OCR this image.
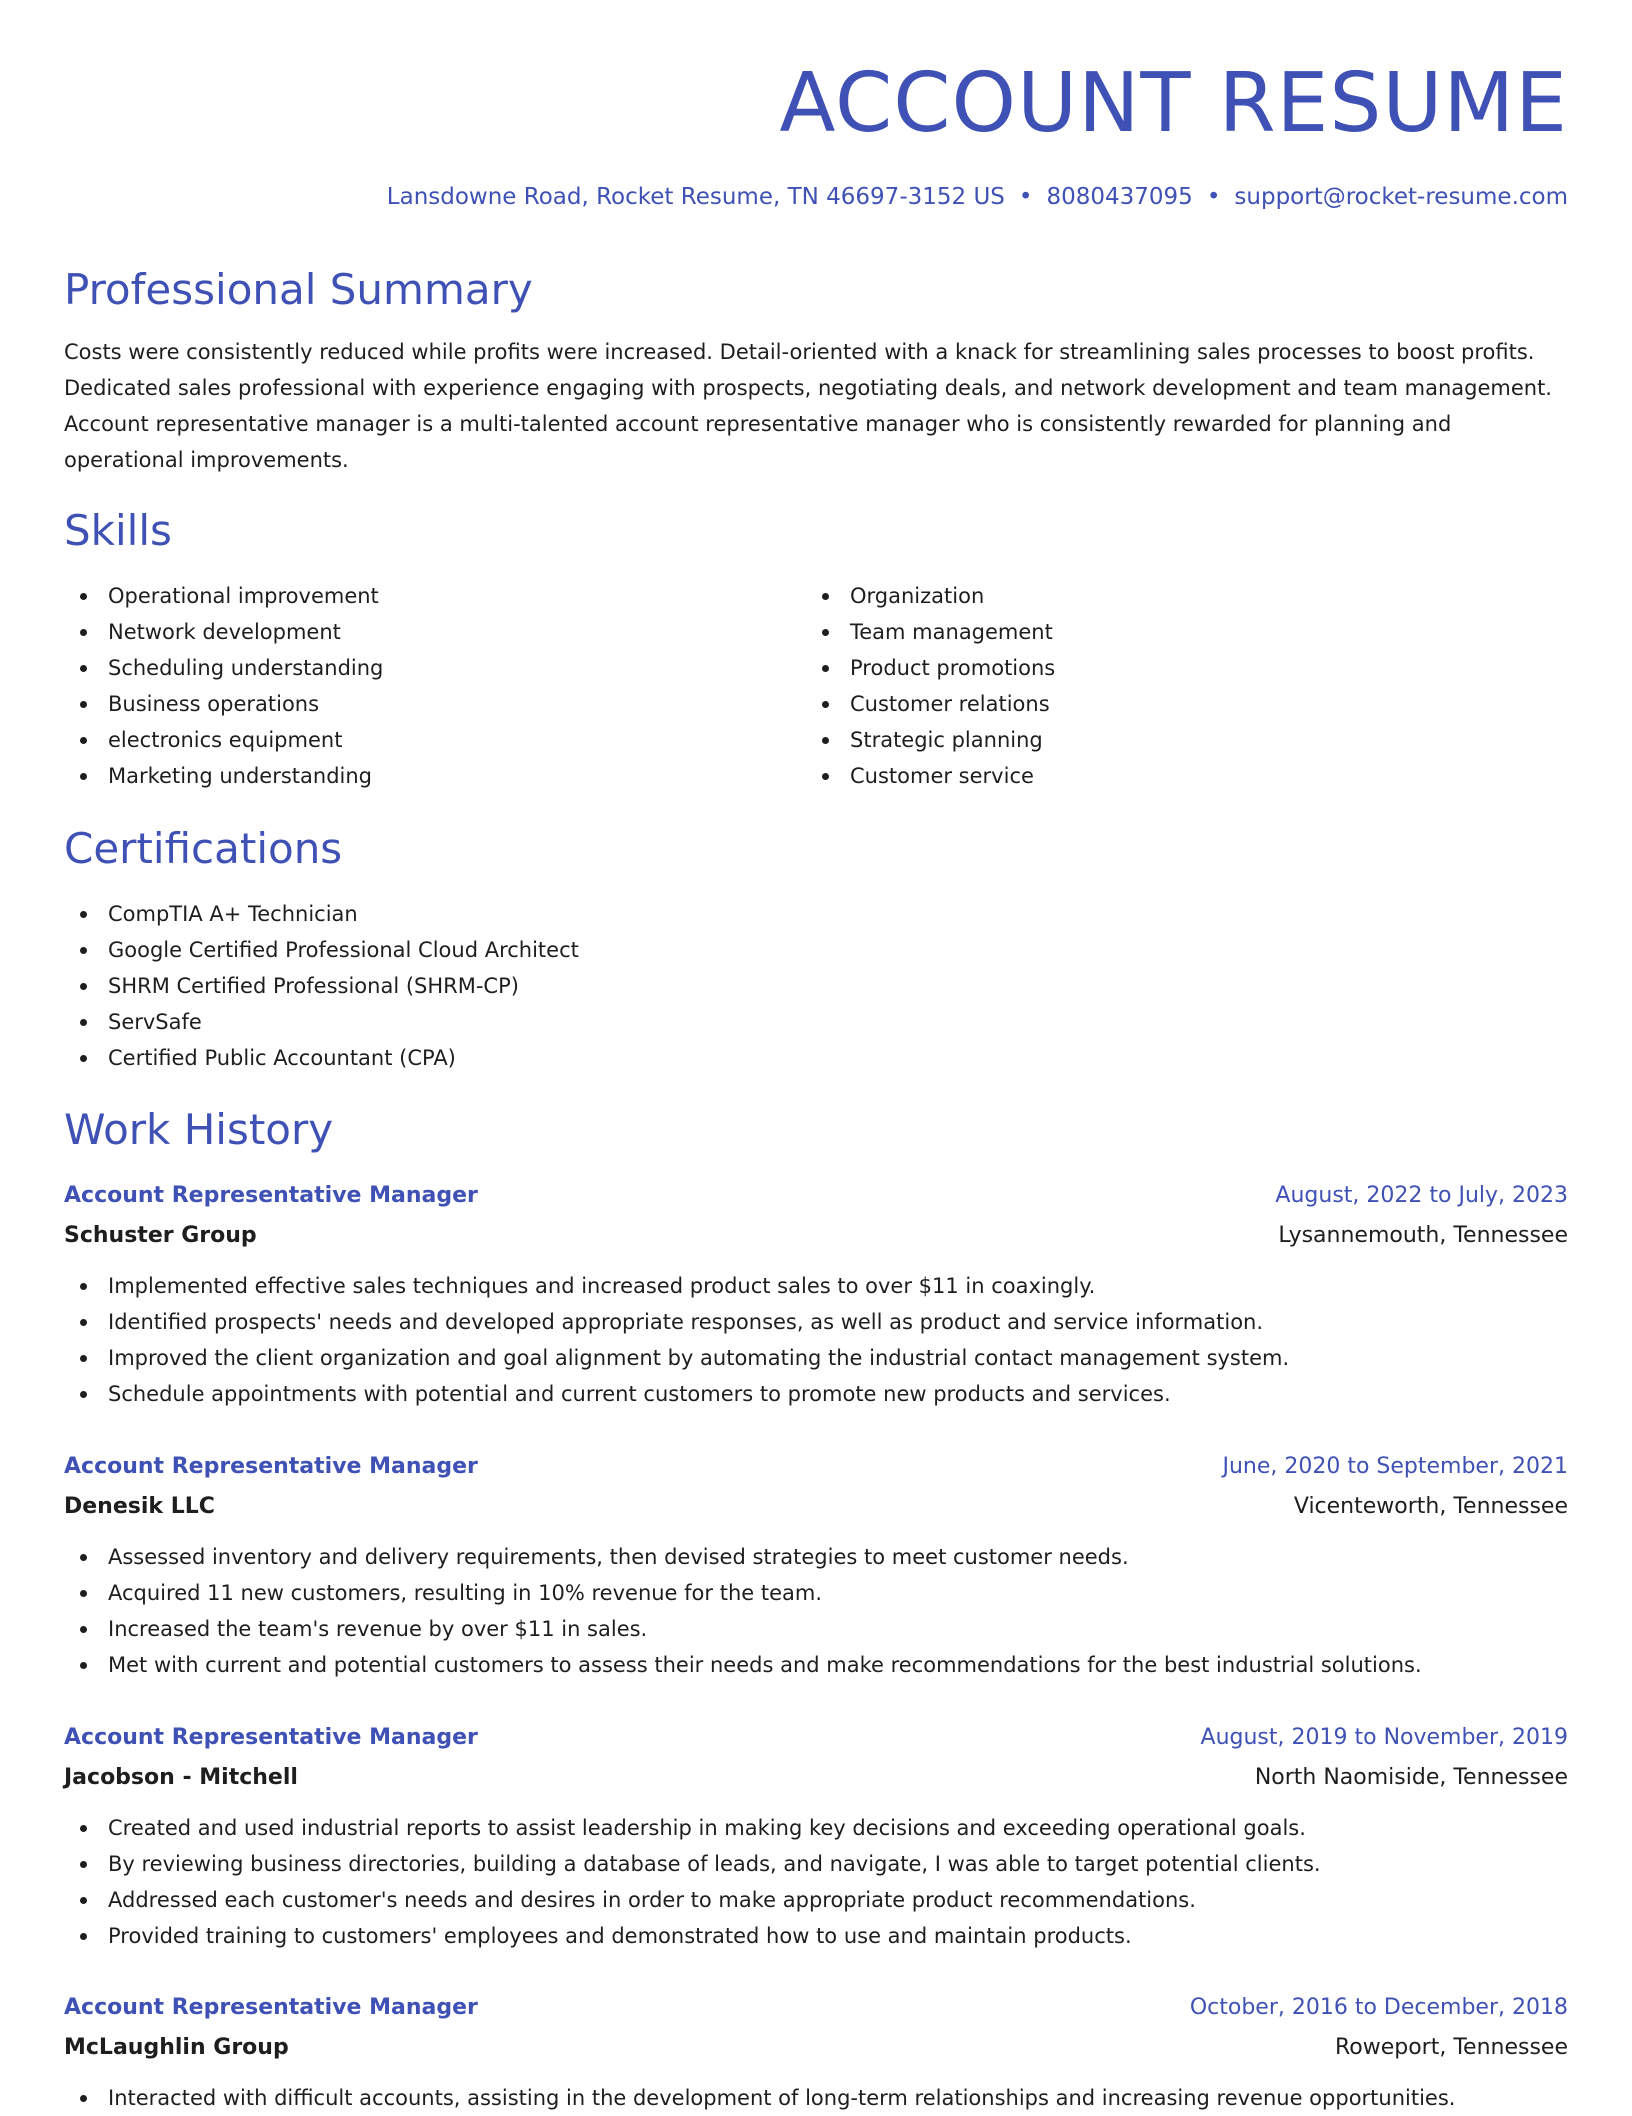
ACCOUNT RESUME
Lansdowne Road, Rocket Resume, TN 46697-3152 US • 8080437095 • support@rocket-resume.com
Professional Summary

Costs were consistently reduced while profits were increased. Detail-oriented with a knack for streamlining sales processes to boost profits. Dedicated sales professional with experience engaging with prospects, negotiating deals, and network development and team management. Account representative manager is a multi-talented account representative manager who is consistently rewarded for planning and operational improvements.

Skills
Operational improvement
Network development
Scheduling understanding
Business operations
electronics equipment
Marketing understanding
Organization
Team management
Product promotions
Customer relations
Strategic planning
Customer service
Certifications
CompTIA A+ Technician
Google Certified Professional Cloud Architect
SHRM Certified Professional (SHRM-CP)
ServSafe
Certified Public Accountant (CPA)
Work History
Account Representative Manager	August, 2022 to July, 2023
Schuster Group	Lysannemouth, Tennessee
Implemented effective sales techniques and increased product sales to over $11 in coaxingly.
Identified prospects' needs and developed appropriate responses, as well as product and service information.
Improved the client organization and goal alignment by automating the industrial contact management system.
Schedule appointments with potential and current customers to promote new products and services.
Account Representative Manager	June, 2020 to September, 2021
Denesik LLC	Vicenteworth, Tennessee
Assessed inventory and delivery requirements, then devised strategies to meet customer needs.
Acquired 11 new customers, resulting in 10% revenue for the team.
Increased the team's revenue by over $11 in sales.
Met with current and potential customers to assess their needs and make recommendations for the best industrial solutions.
Account Representative Manager	August, 2019 to November, 2019
Jacobson - Mitchell	North Naomiside, Tennessee
Created and used industrial reports to assist leadership in making key decisions and exceeding operational goals.
By reviewing business directories, building a database of leads, and navigate, I was able to target potential clients.
Addressed each customer's needs and desires in order to make appropriate product recommendations.
Provided training to customers' employees and demonstrated how to use and maintain products.
Account Representative Manager	October, 2016 to December, 2018
McLaughlin Group	Roweport, Tennessee
Interacted with difficult accounts, assisting in the development of long-term relationships and increasing revenue opportunities.
